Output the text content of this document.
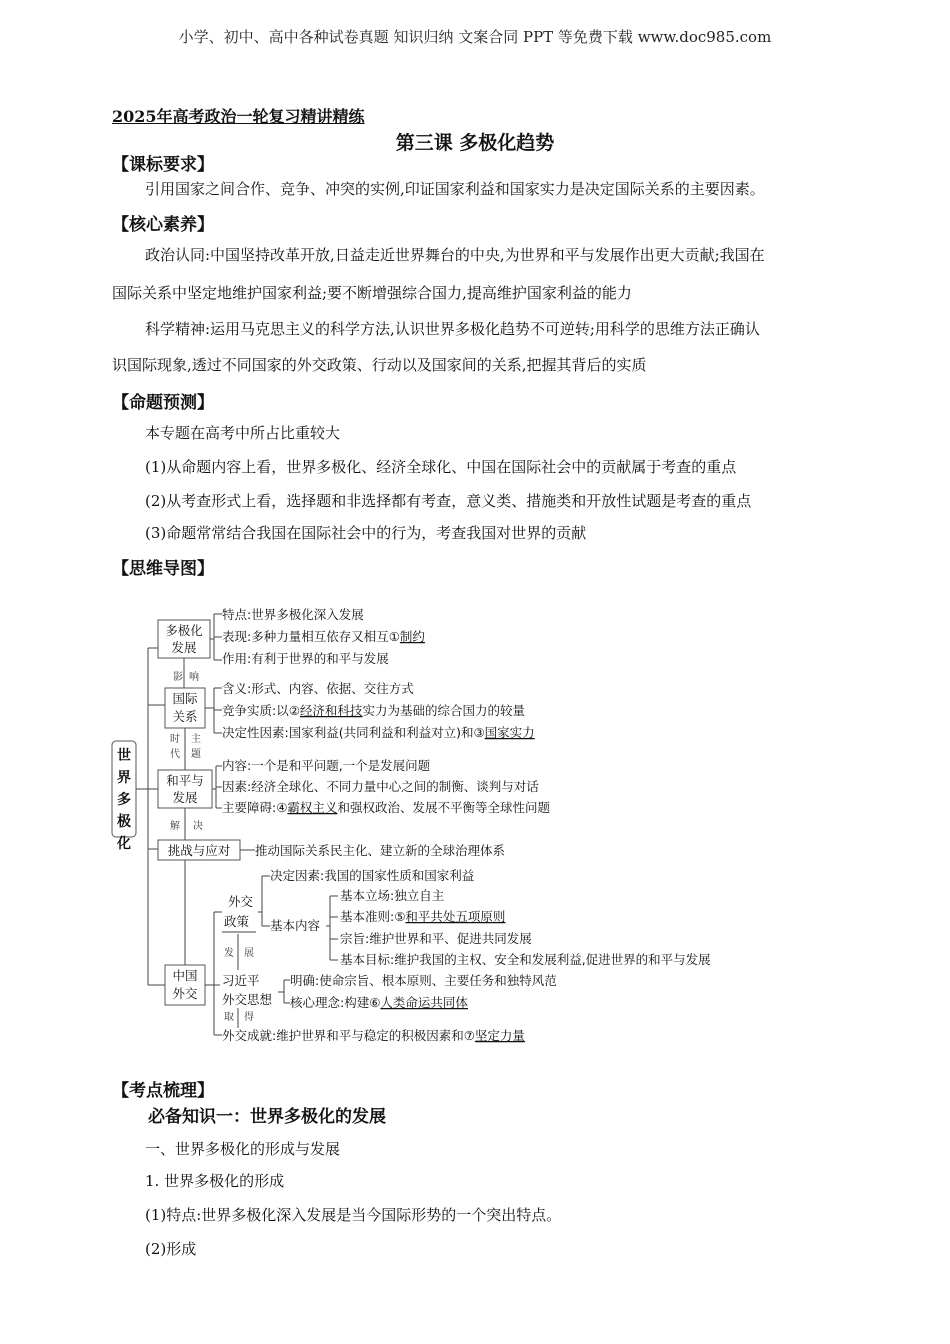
小学、初中、高中各种试卷真题 知识归纳 文案合同 PPT 等免费下载 www.doc985.com
2025年高考政治一轮复习精讲精练
第三课 多极化趋势
【课标要求】
引用国家之间合作、竞争、冲突的实例,印证国家利益和国家实力是决定国际关系的主要因素。
【核心素养】
政治认同:中国坚持改革开放,日益走近世界舞台的中央,为世界和平与发展作出更大贡献;我国在
国际关系中坚定地维护国家利益;要不断增强综合国力,提高维护国家利益的能力
科学精神:运用马克思主义的科学方法,认识世界多极化趋势不可逆转;用科学的思维方法正确认
识国际现象,透过不同国家的外交政策、行动以及国家间的关系,把握其背后的实质
【命题预测】
本专题在高考中所占比重较大
(1)从命题内容上看，世界多极化、经济全球化、中国在国际社会中的贡献属于考查的重点
(2)从考查形式上看，选择题和非选择都有考查，意义类、措施类和开放性试题是考查的重点
(3)命题常常结合我国在国际社会中的行为，考查我国对世界的贡献
【思维导图】
多极化
发展
特点:世界多极化深入发展
表现:多种力量相互依存又相互①制约
作用:有利于世界的和平与发展
影 响
国际
关系
含义:形式、内容、依据、交往方式
竞争实质:以②经济和科技实力为基础的综合国力的较量
决定性因素:国家利益(共同利益和利益对立)和③国家实力
时
代
主
题
和平与
发展
内容:一个是和平问题,一个是发展问题
因素:经济全球化、不同力量中心之间的制衡、谈判与对话
主要障碍:④霸权主义和强权政治、发展不平衡等全球性问题
解 决
挑战与应对 推动国际关系民主化、建立新的全球治理体系
中国
外交
外交
政策
决定因素:我国的国家性质和国家利益
基本内容
基本立场:独立自主
基本准则:⑤和平共处五项原则
宗旨:维护世界和平、促进共同发展
基本目标:维护我国的主权、安全和发展利益,促进世界的和平与发展
发 展
习近平
外交思想
明确:使命宗旨、根本原则、主要任务和独特风范
核心理念:构建⑥人类命运共同体
取 得
外交成就:维护世界和平与稳定的积极因素和⑦坚定力量
世
界
多
极
化
【考点梳理】
必备知识一：世界多极化的发展
一、世界多极化的形成与发展
1. 世界多极化的形成
(1)特点:世界多极化深入发展是当今国际形势的一个突出特点。
(2)形成
